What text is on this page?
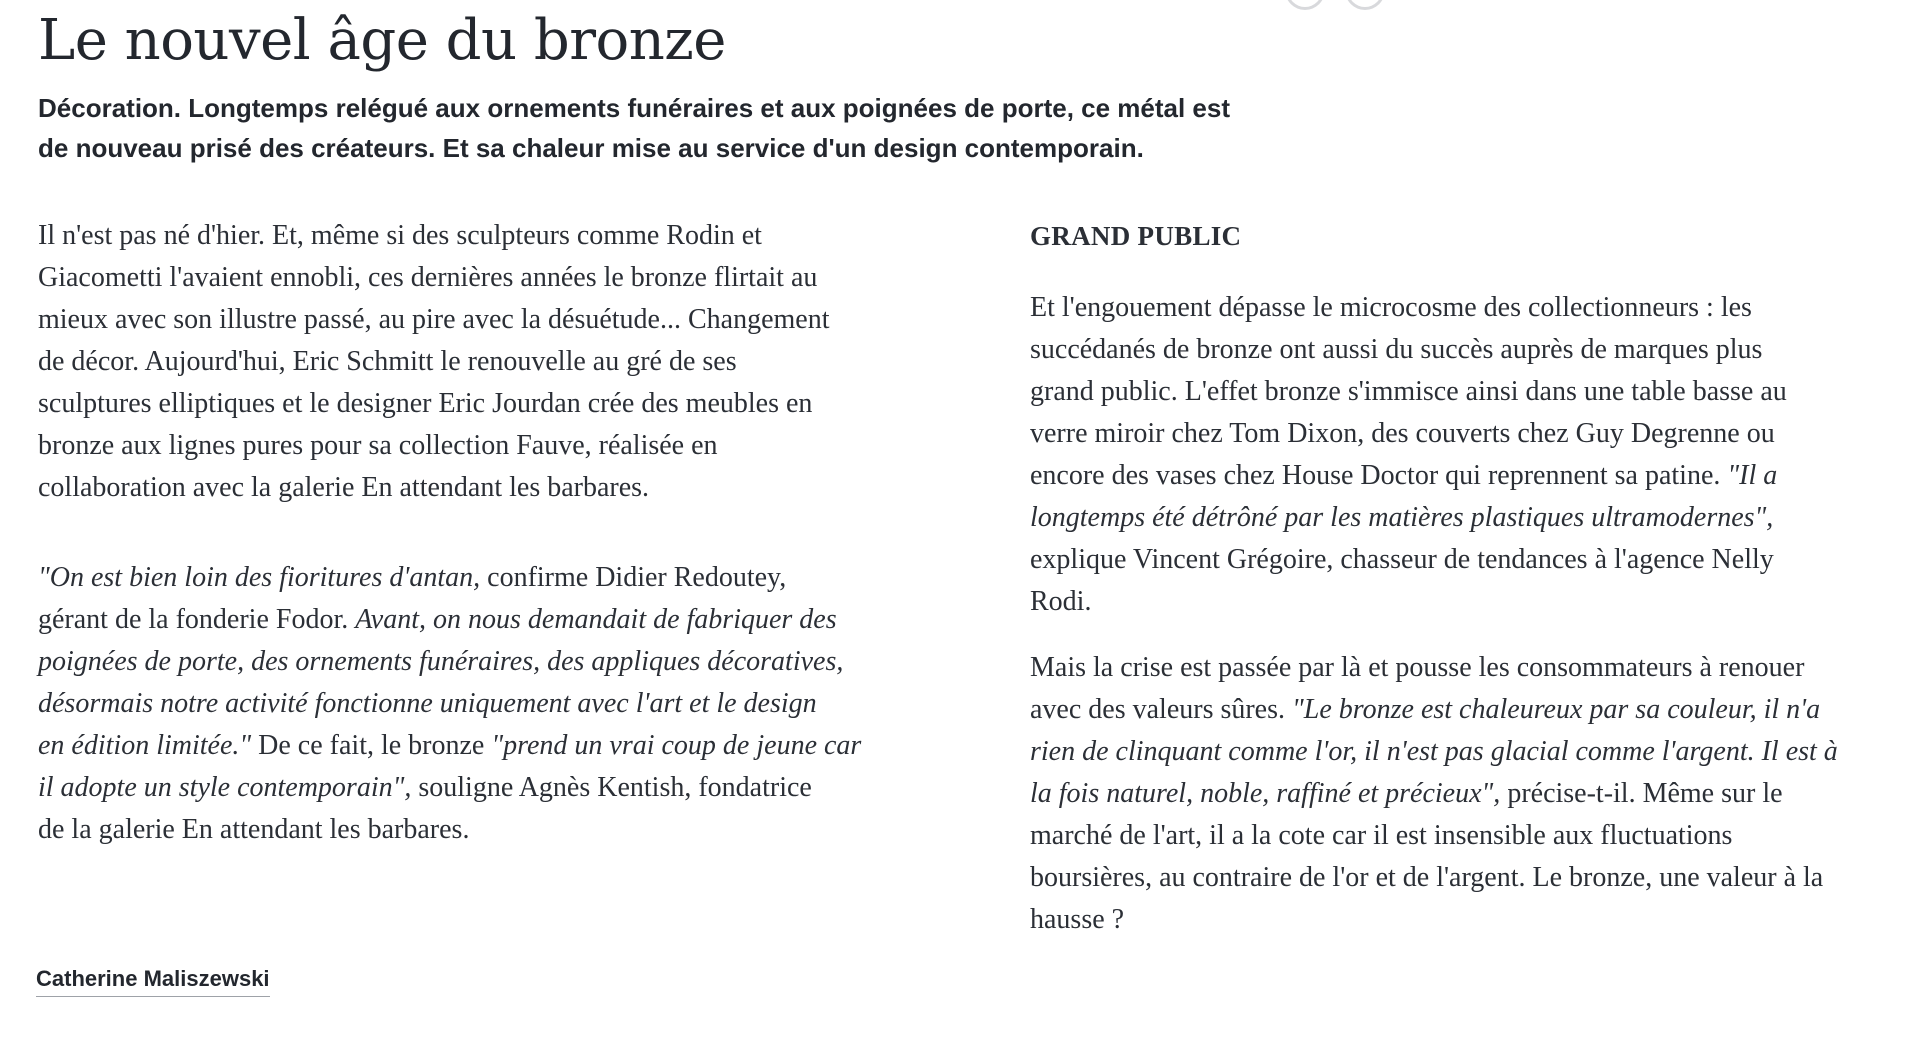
Le nouvel âge du bronze
Décoration. Longtemps relégué aux ornements funéraires et aux poignées de porte, ce métal est
de nouveau prisé des créateurs. Et sa chaleur mise au service d'un design contemporain.

Il n'est pas né d'hier. Et, même si des sculpteurs comme Rodin et
Giacometti l'avaient ennobli, ces dernières années le bronze flirtait au
mieux avec son illustre passé, au pire avec la désuétude... Changement
de décor. Aujourd'hui, Eric Schmitt le renouvelle au gré de ses
sculptures elliptiques et le designer Eric Jourdan crée des meubles en
bronze aux lignes pures pour sa collection Fauve, réalisée en
collaboration avec la galerie En attendant les barbares.

"On est bien loin des fioritures d'antan, confirme Didier Redoutey,
gérant de la fonderie Fodor. Avant, on nous demandait de fabriquer des
poignées de porte, des ornements funéraires, des appliques décoratives,
désormais notre activité fonctionne uniquement avec l'art et le design
en édition limitée." De ce fait, le bronze "prend un vrai coup de jeune car
il adopte un style contemporain", souligne Agnès Kentish, fondatrice
de la galerie En attendant les barbares.

GRAND PUBLIC

Et l'engouement dépasse le microcosme des collectionneurs : les
succédanés de bronze ont aussi du succès auprès de marques plus
grand public. L'effet bronze s'immisce ainsi dans une table basse au
verre miroir chez Tom Dixon, des couverts chez Guy Degrenne ou
encore des vases chez House Doctor qui reprennent sa patine. "Il a
longtemps été détrôné par les matières plastiques ultramodernes",
explique Vincent Grégoire, chasseur de tendances à l'agence Nelly
Rodi.

Mais la crise est passée par là et pousse les consommateurs à renouer
avec des valeurs sûres. "Le bronze est chaleureux par sa couleur, il n'a
rien de clinquant comme l'or, il n'est pas glacial comme l'argent. Il est à
la fois naturel, noble, raffiné et précieux", précise-t-il. Même sur le
marché de l'art, il a la cote car il est insensible aux fluctuations
boursières, au contraire de l'or et de l'argent. Le bronze, une valeur à la
hausse ?

Catherine Maliszewski
